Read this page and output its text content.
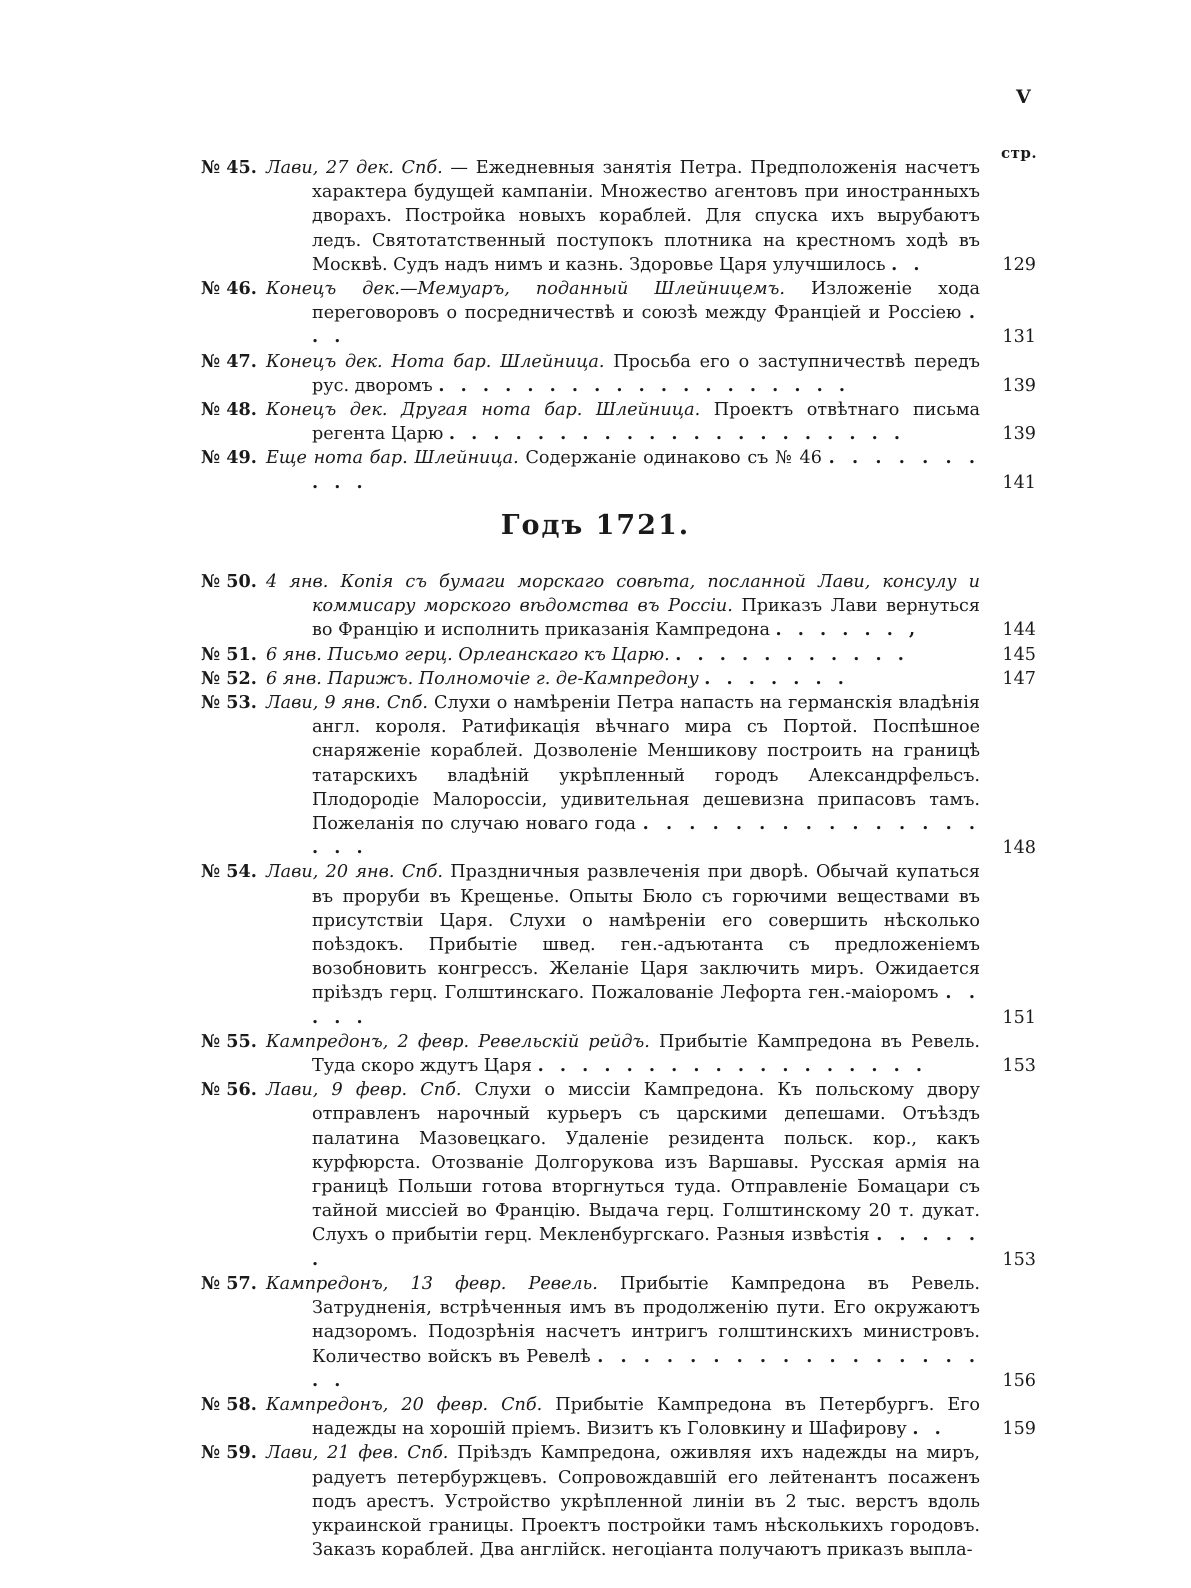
V
стр.
№ 45. Лави, 27 дек. Спб. — Ежедневныя занятія Петра. Предположенія насчетъ характера будущей кампаніи. Множество агентовъ при иностранныхъ дворахъ. Постройка новыхъ кораблей. Для спуска ихъ вырубаютъ ледъ. Святотатственный поступокъ плотника на крестномъ ходѣ въ Москвѣ. Судъ надъ нимъ и казнь. Здоровье Царя улучшилось . .	129
№ 46. Конецъ дек.—Мемуаръ, поданный Шлейницемъ. Изложеніе хода переговоровъ о посредничествѣ и союзѣ между Франціей и Россіею . . .	131
№ 47. Конецъ дек. Нота бар. Шлейница. Просьба его о заступничествѣ передъ рус. дворомъ . . . . . . . . . . . . . . . . . . .	139
№ 48. Конецъ дек. Другая нота бар. Шлейница. Проектъ отвѣтнаго письма регента Царю . . . . . . . . . . . . . . . . . . . . .	139
№ 49. Еще нота бар. Шлейница. Содержаніе одинаково съ № 46 . . . . . . . . . .	141
Годъ 1721.
№ 50. 4 янв. Копія съ бумаги морскаго совѣта, посланной Лави, консулу и коммисару морского вѣдомства въ Россіи. Приказъ Лави вернуться во Францію и исполнить приказанія Кампредона . . . . . . ,	144
№ 51. 6 янв. Письмо герц. Орлеанскаго къ Царю. . . . . . . . . . . .	145
№ 52. 6 янв. Парижъ. Полномочіе г. де-Кампредону . . . . . . .	147
№ 53. Лави, 9 янв. Спб. Слухи о намѣреніи Петра напасть на германскія владѣнія англ. короля. Ратификація вѣчнаго мира съ Портой. Поспѣшное снаряженіе кораблей. Дозволеніе Меншикову построить на границѣ татарскихъ владѣній укрѣпленный городъ Александрфельсъ. Плодородіе Малороссіи, удивительная дешевизна припасовъ тамъ. Пожеланія по случаю новаго года . . . . . . . . . . . . . . . . . .	148
№ 54. Лави, 20 янв. Спб. Праздничныя развлеченія при дворѣ. Обычай купаться въ проруби въ Крещенье. Опыты Бюло съ горючими веществами въ присутствіи Царя. Слухи о намѣреніи его совершить нѣсколько поѣздокъ. Прибытіе швед. ген.-адъютанта съ предложеніемъ возобновить конгрессъ. Желаніе Царя заключить миръ. Ожидается пріѣздъ герц. Голштинскаго. Пожалованіе Лефорта ген.-маіоромъ . . . . .	151
№ 55. Кампредонъ, 2 февр. Ревельскій рейдъ. Прибытіе Кампредона въ Ревель. Туда скоро ждутъ Царя . . . . . . . . . . . . . . . . . .	153
№ 56. Лави, 9 февр. Спб. Слухи о миссіи Кампредона. Къ польскому двору отправленъ нарочный курьеръ съ царскими депешами. Отъѣздъ палатина Мазовецкаго. Удаленіе резидента польск. кор., какъ курфюрста. Отозваніе Долгорукова изъ Варшавы. Русская армія на границѣ Польши готова вторгнуться туда. Отправленіе Бомацари съ тайной миссіей во Францію. Выдача герц. Голштинскому 20 т. дукат. Слухъ о прибытіи герц. Мекленбургскаго. Разныя извѣстія . . . . . .	153
№ 57. Кампредонъ, 13 февр. Ревель. Прибытіе Кампредона въ Ревель. Затрудненія, встрѣченныя имъ въ продолженію пути. Его окружаютъ надзоромъ. Подозрѣнія насчетъ интригъ голштинскихъ министровъ. Количество войскъ въ Ревелѣ . . . . . . . . . . . . . . . . . . .	156
№ 58. Кампредонъ, 20 февр. Спб. Прибытіе Кампредона въ Петербургъ. Его надежды на хорошій пріемъ. Визитъ къ Головкину и Шафирову . .	159
№ 59. Лави, 21 фев. Спб. Пріѣздъ Кампредона, оживляя ихъ надежды на миръ, радуетъ петербуржцевъ. Сопровождавшій его лейтенантъ посаженъ подъ арестъ. Устройство укрѣпленной линіи въ 2 тыс. верстъ вдоль украинской границы. Проектъ постройки тамъ нѣсколькихъ городовъ. Заказъ кораблей. Два англійск. негоціанта получаютъ приказъ выпла-
